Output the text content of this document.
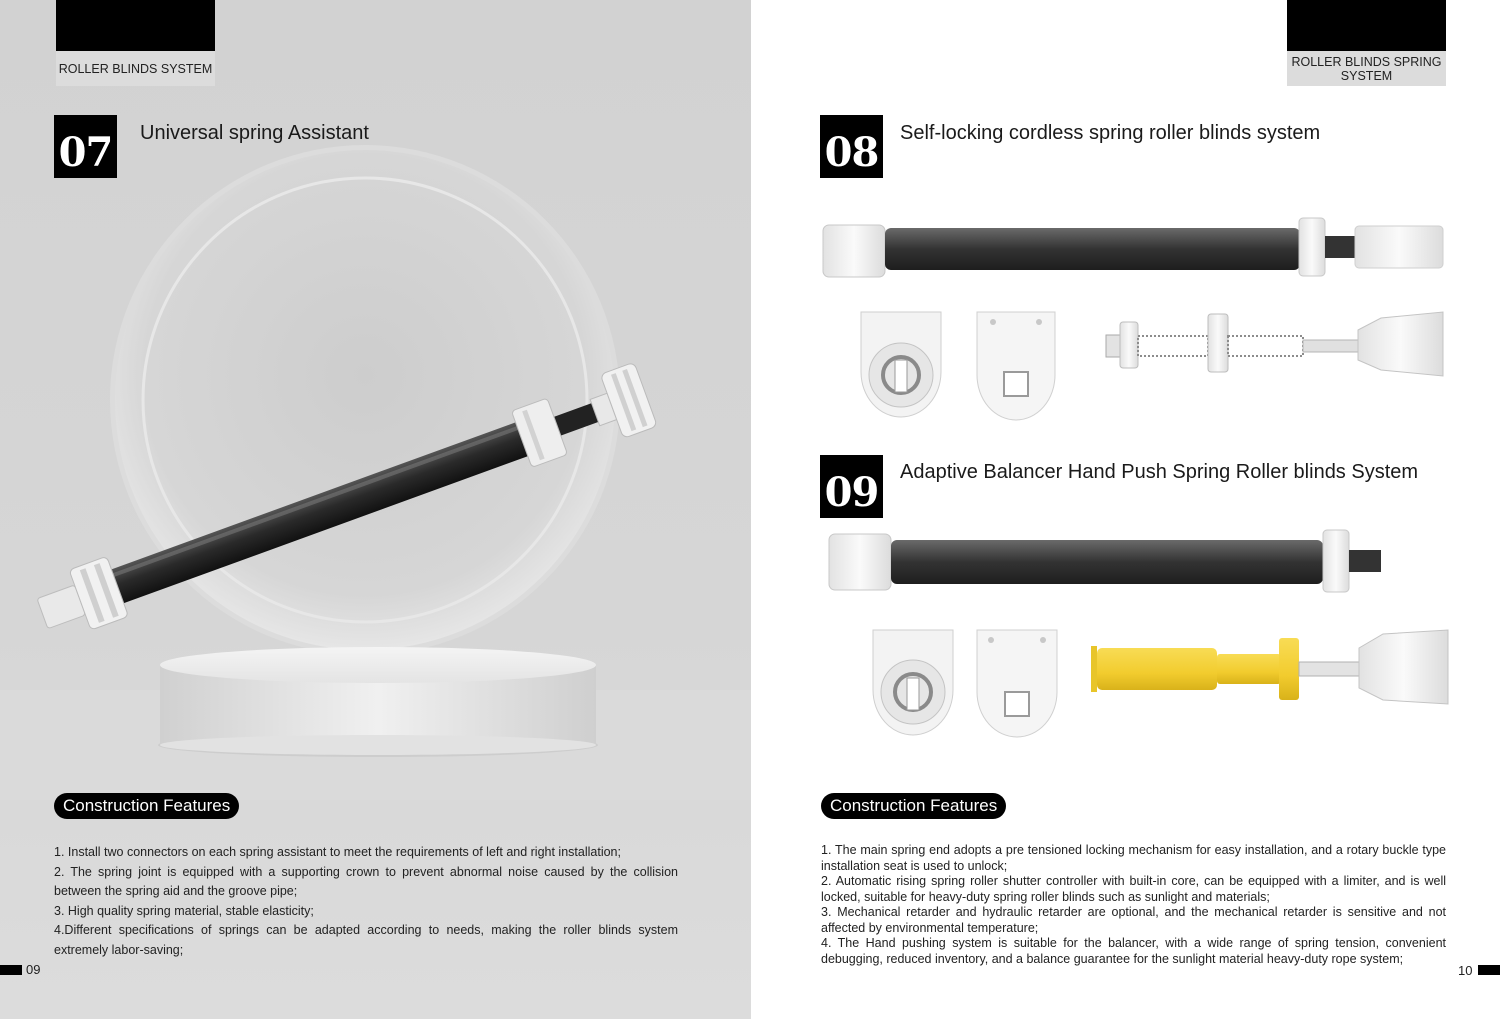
ROLLER BLINDS SYSTEM
07 Universal spring Assistant
Construction Features

1. Install two connectors on each spring assistant to meet the requirements of left and right installation;

2. The spring joint is equipped with a supporting crown to prevent abnormal noise caused by the collision between the spring aid and the groove pipe;

3. High quality spring material, stable elasticity;

4.Different specifications of springs can be adapted according to needs, making the roller blinds system extremely labor-saving;

09
ROLLER BLINDS SPRING SYSTEM
08 Self-locking cordless spring roller blinds system
09 Adaptive Balancer Hand Push Spring Roller blinds System
Construction Features

1. The main spring end adopts a pre tensioned locking mechanism for easy installation, and a rotary buckle type installation seat is used to unlock;

2. Automatic rising spring roller shutter controller with built-in core, can be equipped with a limiter, and is well locked, suitable for heavy-duty spring roller blinds such as sunlight and materials;

3. Mechanical retarder and hydraulic retarder are optional, and the mechanical retarder is sensitive and not affected by environmental temperature;

4. The Hand pushing system is suitable for the balancer, with a wide range of spring tension, convenient debugging, reduced inventory, and a balance guarantee for the sunlight material heavy-duty rope system;

10
